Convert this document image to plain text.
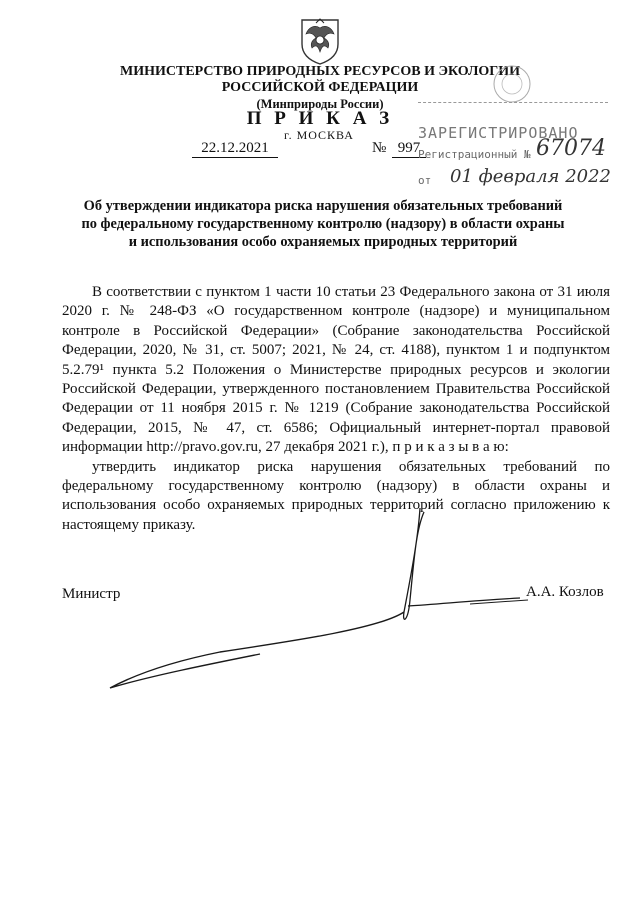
МИНИСТЕРСТВО ПРИРОДНЫХ РЕСУРСОВ И ЭКОЛОГИИ
РОССИЙСКОЙ ФЕДЕРАЦИИ
(Минприроды России)
П Р И К А З
г. МОСКВА
22.12.2021	№ 997
ЗАРЕГИСТРИРОВАНО
Регистрационный № 67074
от 01 февраля 2022
Об утверждении индикатора риска нарушения обязательных требований
по федеральному государственному контролю (надзору) в области охраны
и использования особо охраняемых природных территорий

В соответствии с пунктом 1 части 10 статьи 23 Федерального закона от 31 июля 2020 г. № 248-ФЗ «О государственном контроле (надзоре) и муниципальном контроле в Российской Федерации» (Собрание законодательства Российской Федерации, 2020, № 31, ст. 5007; 2021, № 24, ст. 4188), пунктом 1 и подпунктом 5.2.79¹ пункта 5.2 Положения о Министерстве природных ресурсов и экологии Российской Федерации, утвержденного постановлением Правительства Российской Федерации от 11 ноября 2015 г. № 1219 (Собрание законодательства Российской Федерации, 2015, № 47, ст. 6586; Официальный интернет-портал правовой информации http://pravo.gov.ru, 27 декабря 2021 г.), п р и к а з ы в а ю:

утвердить индикатор риска нарушения обязательных требований по федеральному государственному контролю (надзору) в области охраны и использования особо охраняемых природных территорий согласно приложению к настоящему приказу.

Министр	А.А. Козлов
